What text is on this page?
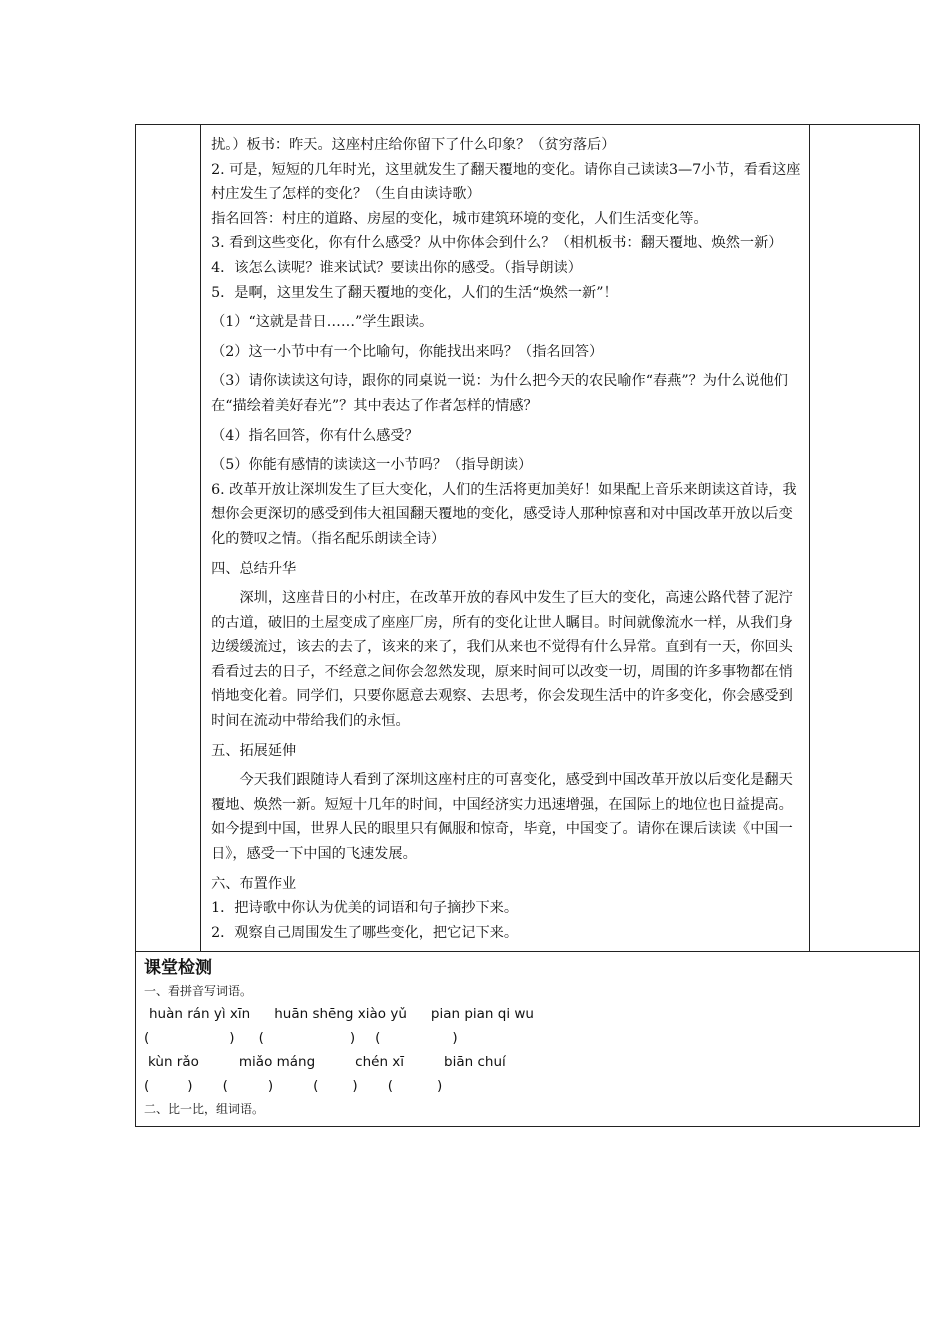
扰。）板书：昨天。这座村庄给你留下了什么印象？（贫穷落后）

2. 可是，短短的几年时光，这里就发生了翻天覆地的变化。请你自己读读3—7小节，看看这座村庄发生了怎样的变化？（生自由读诗歌）

指名回答：村庄的道路、房屋的变化，城市建筑环境的变化，人们生活变化等。

3. 看到这些变化，你有什么感受？从中你体会到什么？（相机板书：翻天覆地、焕然一新）

4．该怎么读呢？谁来试试？要读出你的感受。（指导朗读）

5．是啊，这里发生了翻天覆地的变化，人们的生活“焕然一新”！

（1）“这就是昔日……”学生跟读。

（2）这一小节中有一个比喻句，你能找出来吗？（指名回答）

（3）请你读读这句诗，跟你的同桌说一说：为什么把今天的农民喻作“春燕”？为什么说他们在“描绘着美好春光”？其中表达了作者怎样的情感？

（4）指名回答，你有什么感受？

（5）你能有感情的读读这一小节吗？（指导朗读）

6. 改革开放让深圳发生了巨大变化，人们的生活将更加美好！如果配上音乐来朗读这首诗，我想你会更深切的感受到伟大祖国翻天覆地的变化，感受诗人那种惊喜和对中国改革开放以后变化的赞叹之情。（指名配乐朗读全诗）

四、总结升华

深圳，这座昔日的小村庄，在改革开放的春风中发生了巨大的变化，高速公路代替了泥泞的古道，破旧的土屋变成了座座厂房，所有的变化让世人瞩目。时间就像流水一样，从我们身边缓缓流过，该去的去了，该来的来了，我们从来也不觉得有什么异常。直到有一天，你回头看看过去的日子，不经意之间你会忽然发现，原来时间可以改变一切，周围的许多事物都在悄悄地变化着。同学们，只要你愿意去观察、去思考，你会发现生活中的许多变化，你会感受到时间在流动中带给我们的永恒。

五、拓展延伸

今天我们跟随诗人看到了深圳这座村庄的可喜变化，感受到中国改革开放以后变化是翻天覆地、焕然一新。短短十几年的时间，中国经济实力迅速增强，在国际上的地位也日益提高。如今提到中国，世界人民的眼里只有佩服和惊奇，毕竟，中国变了。请你在课后读读《中国一日》，感受一下中国的飞速发展。

六、布置作业

1．把诗歌中你认为优美的词语和句子摘抄下来。

2．观察自己周围发生了哪些变化，把它记下来。

课堂检测

一、看拼音写词语。

huàn rán yì xīn huān shēng xiào yǔ pian pian qi wu

(	) (	) (	)

kùn rǎo	miǎo máng	chén xī	biān chuí

(	) (	)	(	) (	)

二、比一比，组词语。
